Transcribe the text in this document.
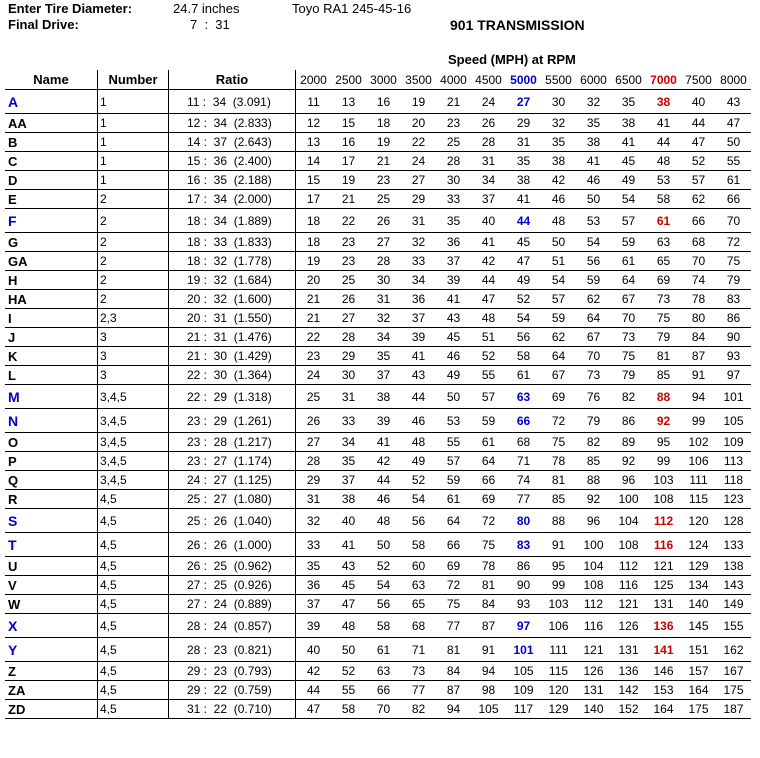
Enter Tire Diameter:	24.7 inches	Toyo RA1 245-45-16
Final Drive:	7  :  31	901 TRANSMISSION
Speed (MPH) at RPM
Name	Number	Ratio	2000	2500	3000	3500	4000	4500	5000	5500	6000	6500	7000	7500	8000
A	1	11 :  34  (3.091)	11	13	16	19	21	24	27	30	32	35	38	40	43
AA	1	12 :  34  (2.833)	12	15	18	20	23	26	29	32	35	38	41	44	47
B	1	14 :  37  (2.643)	13	16	19	22	25	28	31	35	38	41	44	47	50
C	1	15 :  36  (2.400)	14	17	21	24	28	31	35	38	41	45	48	52	55
D	1	16 :  35  (2.188)	15	19	23	27	30	34	38	42	46	49	53	57	61
E	2	17 :  34  (2.000)	17	21	25	29	33	37	41	46	50	54	58	62	66
F	2	18 :  34  (1.889)	18	22	26	31	35	40	44	48	53	57	61	66	70
G	2	18 :  33  (1.833)	18	23	27	32	36	41	45	50	54	59	63	68	72
GA	2	18 :  32  (1.778)	19	23	28	33	37	42	47	51	56	61	65	70	75
H	2	19 :  32  (1.684)	20	25	30	34	39	44	49	54	59	64	69	74	79
HA	2	20 :  32  (1.600)	21	26	31	36	41	47	52	57	62	67	73	78	83
I	2,3	20 :  31  (1.550)	21	27	32	37	43	48	54	59	64	70	75	80	86
J	3	21 :  31  (1.476)	22	28	34	39	45	51	56	62	67	73	79	84	90
K	3	21 :  30  (1.429)	23	29	35	41	46	52	58	64	70	75	81	87	93
L	3	22 :  30  (1.364)	24	30	37	43	49	55	61	67	73	79	85	91	97
M	3,4,5	22 :  29  (1.318)	25	31	38	44	50	57	63	69	76	82	88	94	101
N	3,4,5	23 :  29  (1.261)	26	33	39	46	53	59	66	72	79	86	92	99	105
O	3,4,5	23 :  28  (1.217)	27	34	41	48	55	61	68	75	82	89	95	102	109
P	3,4,5	23 :  27  (1.174)	28	35	42	49	57	64	71	78	85	92	99	106	113
Q	3,4,5	24 :  27  (1.125)	29	37	44	52	59	66	74	81	88	96	103	111	118
R	4,5	25 :  27  (1.080)	31	38	46	54	61	69	77	85	92	100	108	115	123
S	4,5	25 :  26  (1.040)	32	40	48	56	64	72	80	88	96	104	112	120	128
T	4,5	26 :  26  (1.000)	33	41	50	58	66	75	83	91	100	108	116	124	133
U	4,5	26 :  25  (0.962)	35	43	52	60	69	78	86	95	104	112	121	129	138
V	4,5	27 :  25  (0.926)	36	45	54	63	72	81	90	99	108	116	125	134	143
W	4,5	27 :  24  (0.889)	37	47	56	65	75	84	93	103	112	121	131	140	149
X	4,5	28 :  24  (0.857)	39	48	58	68	77	87	97	106	116	126	136	145	155
Y	4,5	28 :  23  (0.821)	40	50	61	71	81	91	101	111	121	131	141	151	162
Z	4,5	29 :  23  (0.793)	42	52	63	73	84	94	105	115	126	136	146	157	167
ZA	4,5	29 :  22  (0.759)	44	55	66	77	87	98	109	120	131	142	153	164	175
ZD	4,5	31 :  22  (0.710)	47	58	70	82	94	105	117	129	140	152	164	175	187
